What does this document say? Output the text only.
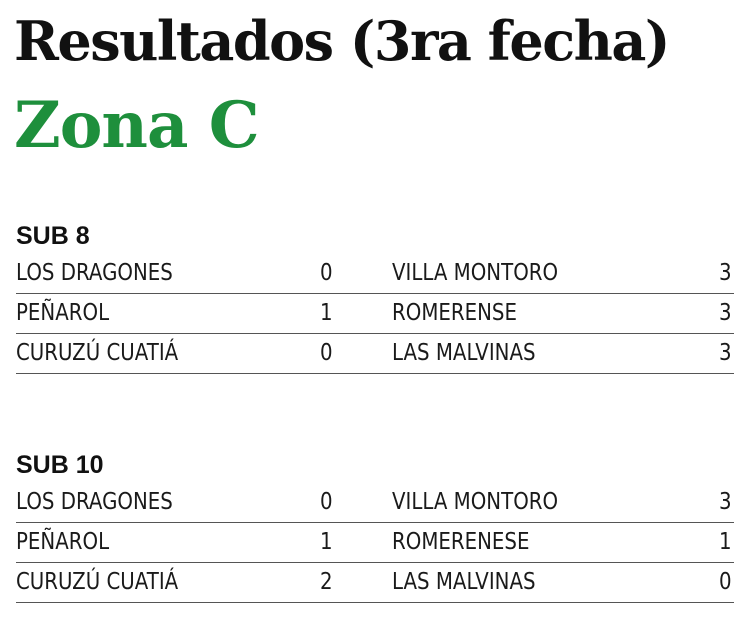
Resultados (3ra fecha)
Zona C
SUB 8
LOS DRAGONES	0	VILLA MONTORO	3
PEÑAROL	1	ROMERENSE	3
CURUZÚ CUATIÁ	0	LAS MALVINAS	3
SUB 10
LOS DRAGONES	0	VILLA MONTORO	3
PEÑAROL	1	ROMERENESE	1
CURUZÚ CUATIÁ	2	LAS MALVINAS	0
